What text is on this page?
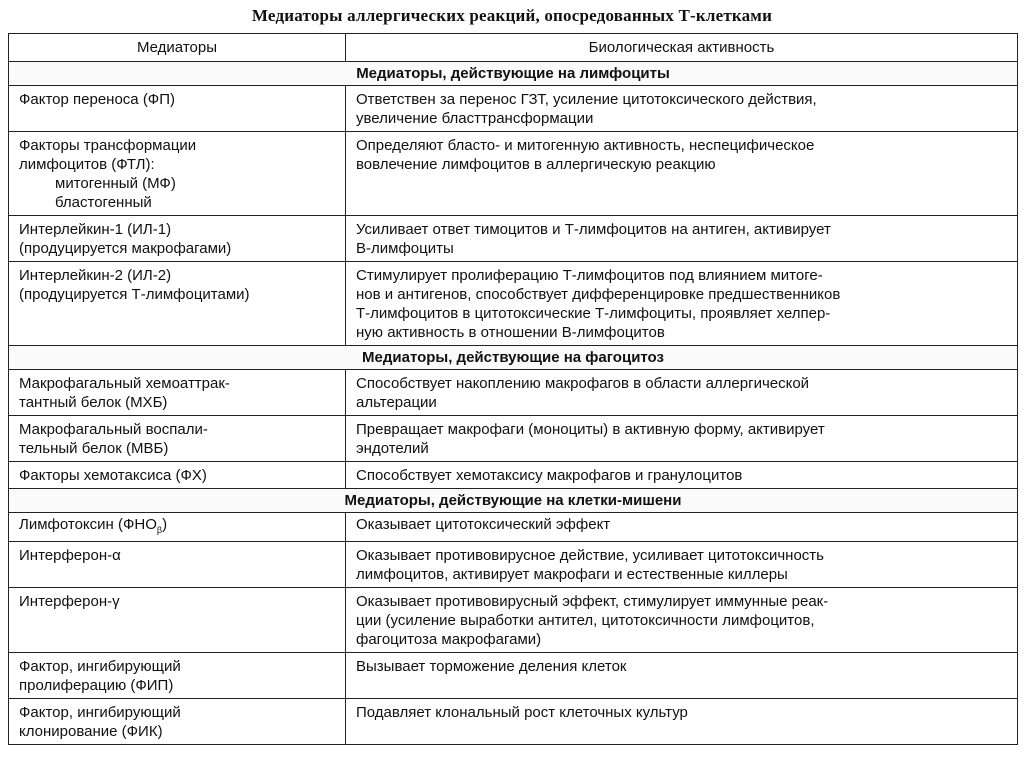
Медиаторы аллергических реакций, опосредованных Т-клетками
Медиаторы	Биологическая активность
Медиаторы, действующие на лимфоциты	
Фактор переноса (ФП)	Ответствен за перенос ГЗТ, усиление цитотоксического действия,
увеличение бласттрансформации
Факторы трансформации
лимфоцитов (ФТЛ):
митогенный (МФ)
бластогенный	Определяют бласто- и митогенную активность, неспецифическое
вовлечение лимфоцитов в аллергическую реакцию
Интерлейкин-1 (ИЛ-1)
(продуцируется макрофагами)	Усиливает ответ тимоцитов и Т-лимфоцитов на антиген, активирует
В-лимфоциты
Интерлейкин-2 (ИЛ-2)
(продуцируется Т-лимфоцитами)	Стимулирует пролиферацию Т-лимфоцитов под влиянием митоге-
нов и антигенов, способствует дифференцировке предшественников
Т-лимфоцитов в цитотоксические Т-лимфоциты, проявляет хелпер-
ную активность в отношении В-лимфоцитов
Медиаторы, действующие на фагоцитоз	
Макрофагальный хемоаттрак-
тантный белок (МХБ)	Способствует накоплению макрофагов в области аллергической
альтерации
Макрофагальный воспали-
тельный белок (МВБ)	Превращает макрофаги (моноциты) в активную форму, активирует
эндотелий
Факторы хемотаксиса (ФХ)	Способствует хемотаксису макрофагов и гранулоцитов
Медиаторы, действующие на клетки-мишени	
Лимфотоксин $(ФНО_\beta)$	Оказывает цитотоксический эффект
Интерферон-α	Оказывает противовирусное действие, усиливает цитотоксичность
лимфоцитов, активирует макрофаги и естественные киллеры
Интерферон-γ	Оказывает противовирусный эффект, стимулирует иммунные реак-
ции (усиление выработки антител, цитотоксичности лимфоцитов,
фагоцитоза макрофагами)
Фактор, ингибирующий
пролиферацию (ФИП)	Вызывает торможение деления клеток
Фактор, ингибирующий
клонирование (ФИК)	Подавляет клональный рост клеточных культур
